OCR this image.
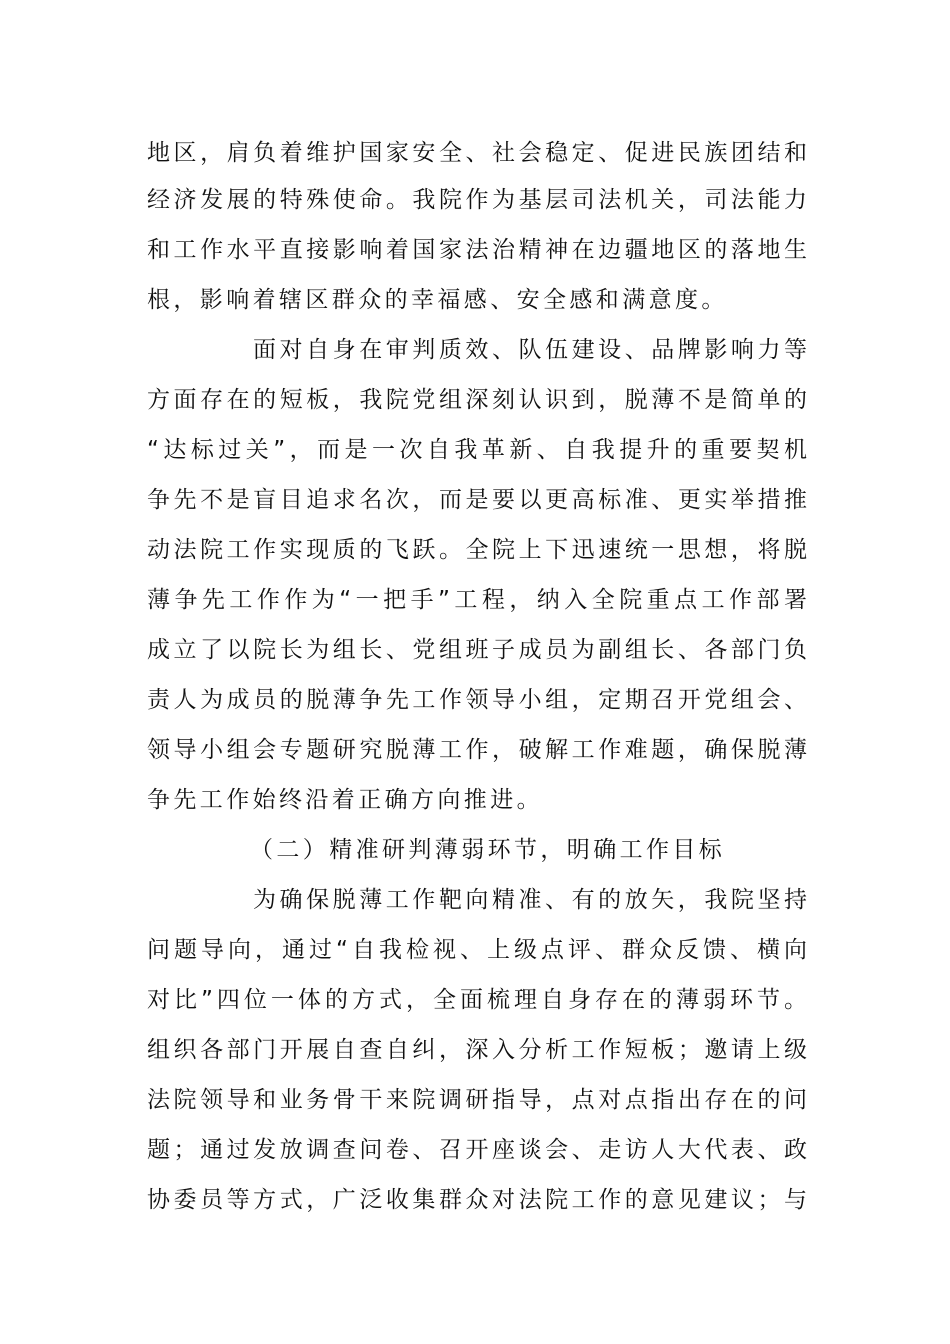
地区，肩负着维护国家安全、社会稳定、促进民族团结和
经济发展的特殊使命。我院作为基层司法机关，司法能力
和工作水平直接影响着国家法治精神在边疆地区的落地生
根，影响着辖区群众的幸福感、安全感和满意度。
面对自身在审判质效、队伍建设、品牌影响力等
方面存在的短板，我院党组深刻认识到，脱薄不是简单的
“达标过关”，而是一次自我革新、自我提升的重要契机
争先不是盲目追求名次，而是要以更高标准、更实举措推
动法院工作实现质的飞跃。全院上下迅速统一思想，将脱
薄争先工作作为“一把手”工程，纳入全院重点工作部署
成立了以院长为组长、党组班子成员为副组长、各部门负
责人为成员的脱薄争先工作领导小组，定期召开党组会、
领导小组会专题研究脱薄工作，破解工作难题，确保脱薄
争先工作始终沿着正确方向推进。
（二）精准研判薄弱环节，明确工作目标
为确保脱薄工作靶向精准、有的放矢，我院坚持
问题导向，通过“自我检视、上级点评、群众反馈、横向
对比”四位一体的方式，全面梳理自身存在的薄弱环节。
组织各部门开展自查自纠，深入分析工作短板；邀请上级
法院领导和业务骨干来院调研指导，点对点指出存在的问
题；通过发放调查问卷、召开座谈会、走访人大代表、政
协委员等方式，广泛收集群众对法院工作的意见建议；与
